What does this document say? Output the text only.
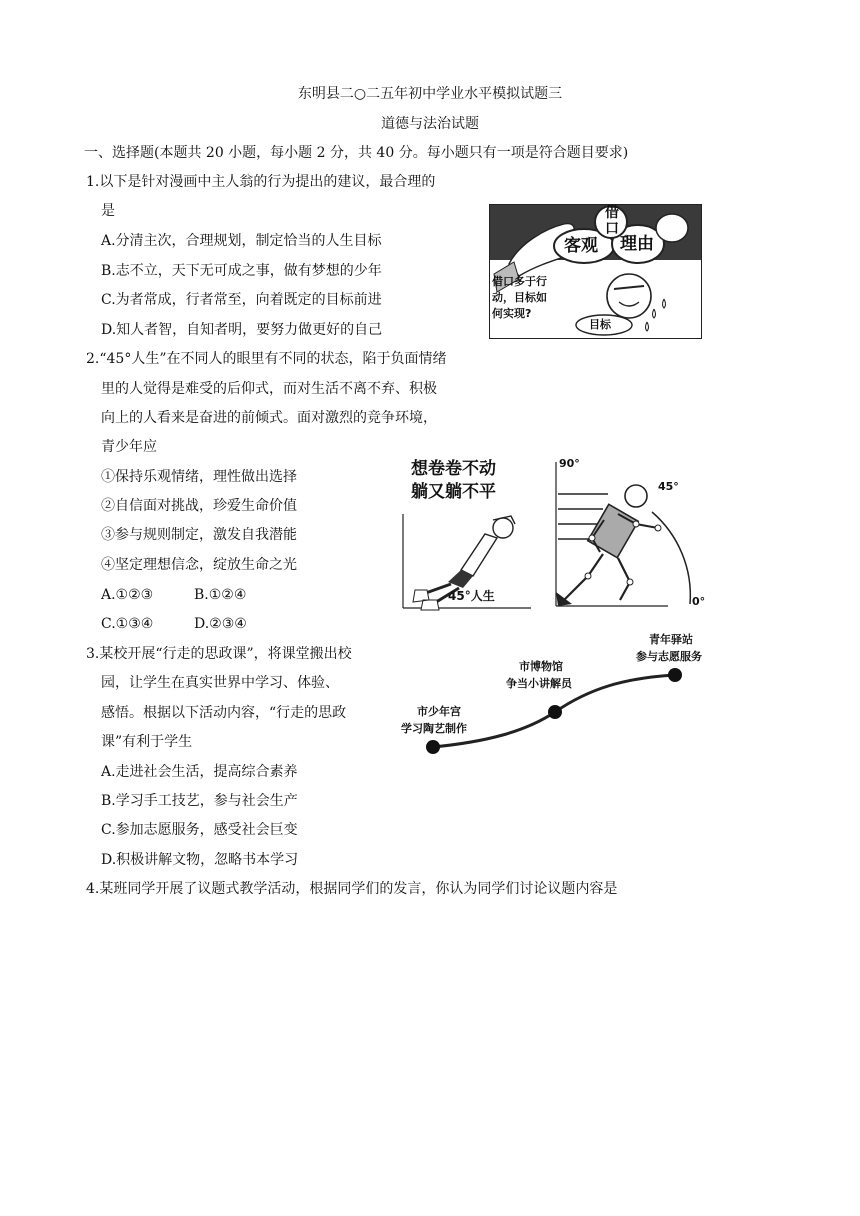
东明县二○二五年初中学业水平模拟试题三
道德与法治试题
一、选择题(本题共 20 小题，每小题 2 分，共 40 分。每小题只有一项是符合题目要求)
1.以下是针对漫画中主人翁的行为提出的建议，最合理的
是
A.分清主次，合理规划，制定恰当的人生目标
B.志不立，天下无可成之事，做有梦想的少年
C.为者常成，行者常至，向着既定的目标前进
D.知人者智，自知者明，要努力做更好的自己
借口
客观 理由
借口多于行
动，目标如
何实现?
目标
2.“45°人生”在不同人的眼里有不同的状态，陷于负面情绪
里的人觉得是难受的后仰式，而对生活不离不弃、积极
向上的人看来是奋进的前倾式。面对激烈的竞争环境，
青少年应
①保持乐观情绪，理性做出选择
②自信面对挑战，珍爱生命价值
③参与规则制定，激发自我潜能
④坚定理想信念，绽放生命之光
A.①②③	B.①②④
C.①③④	D.②③④
想卷卷不动
躺又躺不平
45°人生
90°
45°
0°
3.某校开展“行走的思政课”，将课堂搬出校
园，让学生在真实世界中学习、体验、
感悟。根据以下活动内容，“行走的思政
课”有利于学生
A.走进社会生活，提高综合素养
B.学习手工技艺，参与社会生产
C.参加志愿服务，感受社会巨变
D.积极讲解文物，忽略书本学习
市少年宫
学习陶艺制作
市博物馆
争当小讲解员
青年驿站
参与志愿服务
4.某班同学开展了议题式教学活动，根据同学们的发言，你认为同学们讨论议题内容是
